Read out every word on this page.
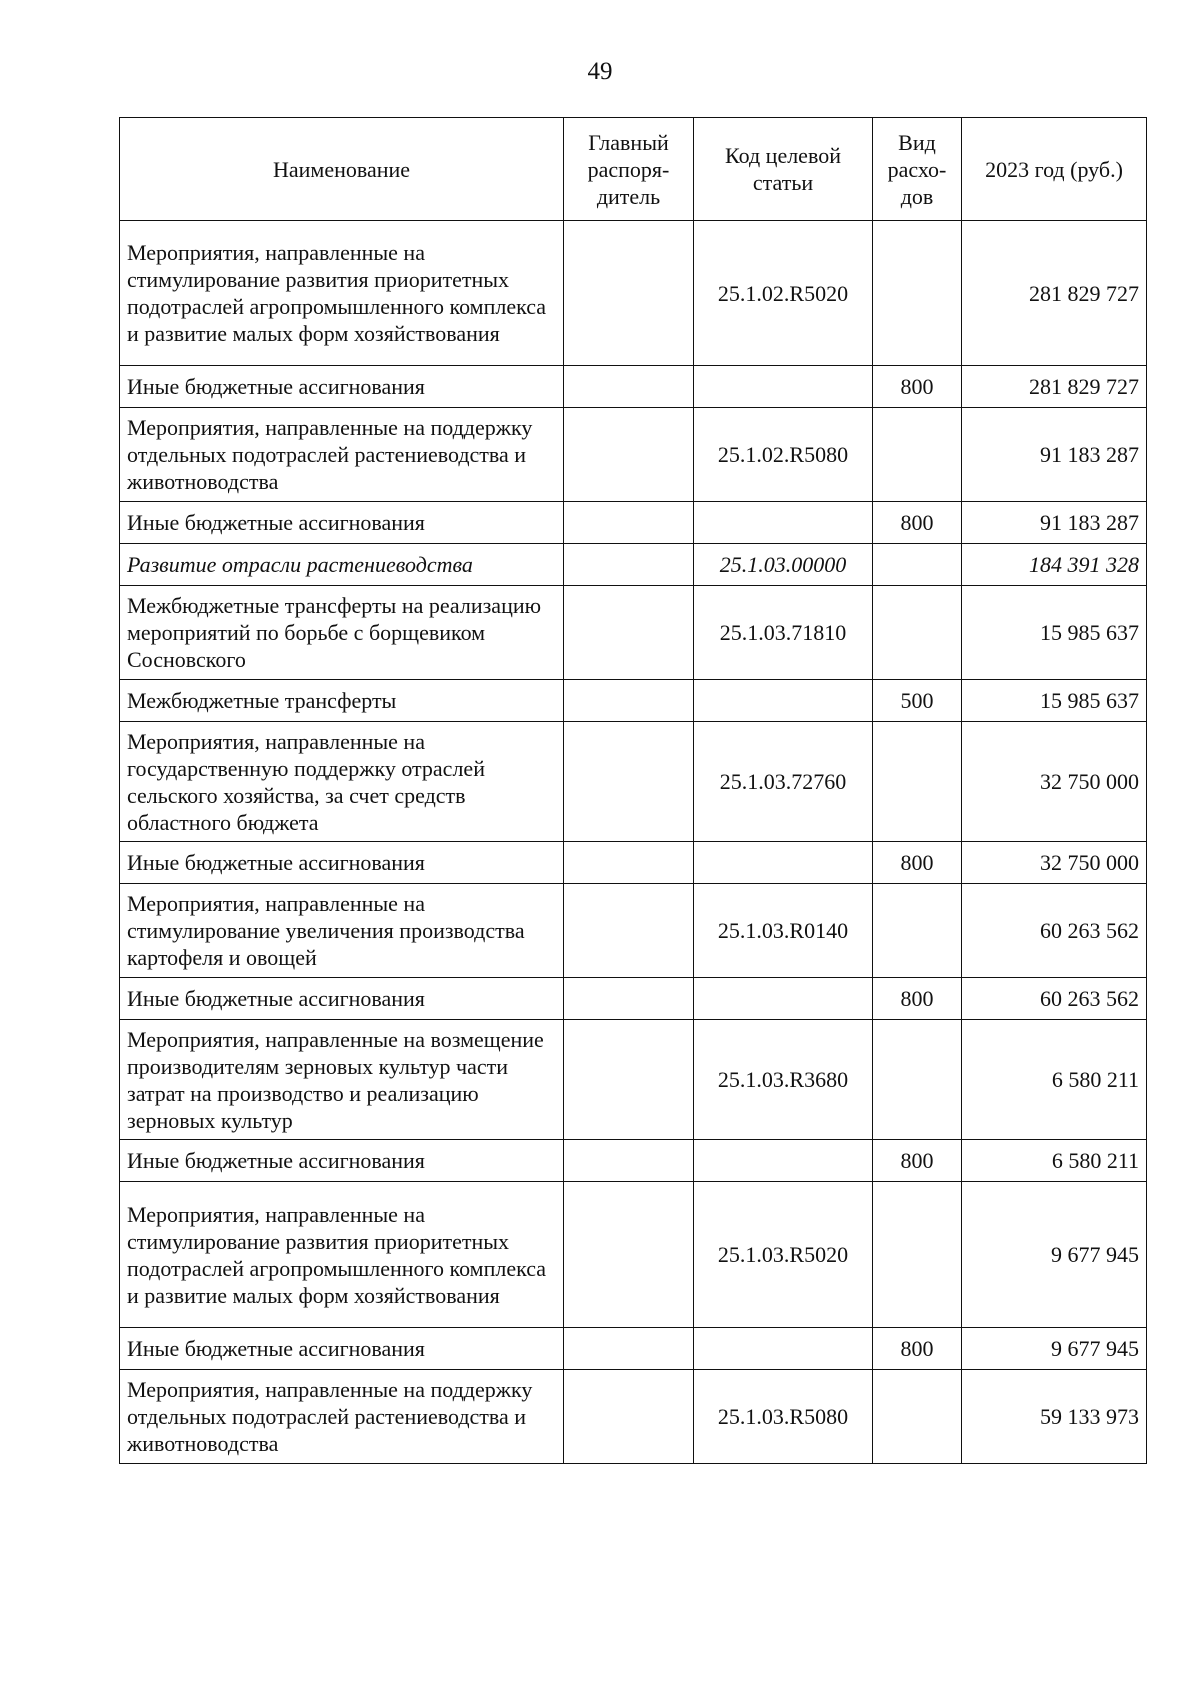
49
Наименование	Главный распоря-дитель	Код целевой статьи	Вид расхо-дов	2023 год (руб.)
Мероприятия, направленные на стимулирование развития приоритетных подотраслей агропромышленного комплекса и развитие малых форм хозяйствования		25.1.02.R5020		281 829 727
Иные бюджетные ассигнования			800	281 829 727
Мероприятия, направленные на поддержку отдельных подотраслей растениеводства и животноводства		25.1.02.R5080		91 183 287
Иные бюджетные ассигнования			800	91 183 287
Развитие отрасли растениеводства		25.1.03.00000		184 391 328
Межбюджетные трансферты на реализацию мероприятий по борьбе с борщевиком Сосновского		25.1.03.71810		15 985 637
Межбюджетные трансферты			500	15 985 637
Мероприятия, направленные на государственную поддержку отраслей сельского хозяйства, за счет средств областного бюджета		25.1.03.72760		32 750 000
Иные бюджетные ассигнования			800	32 750 000
Мероприятия, направленные на стимулирование увеличения производства картофеля и овощей		25.1.03.R0140		60 263 562
Иные бюджетные ассигнования			800	60 263 562
Мероприятия, направленные на возмещение производителям зерновых культур части затрат на производство и реализацию зерновых культур		25.1.03.R3680		6 580 211
Иные бюджетные ассигнования			800	6 580 211
Мероприятия, направленные на стимулирование развития приоритетных подотраслей агропромышленного комплекса и развитие малых форм хозяйствования		25.1.03.R5020		9 677 945
Иные бюджетные ассигнования			800	9 677 945
Мероприятия, направленные на поддержку отдельных подотраслей растениеводства и животноводства		25.1.03.R5080		59 133 973
